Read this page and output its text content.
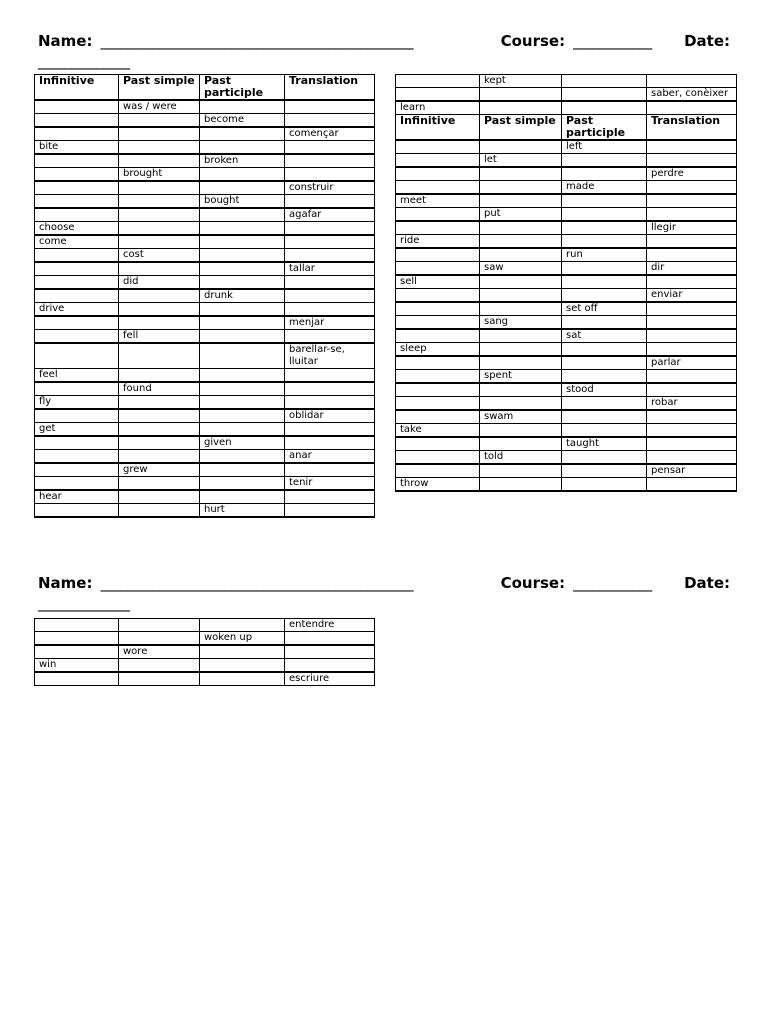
Name: ________________________________________________	Course: ____________	Date:
______________
Infinitive	Past simple	Past participle	Translation
	was / were		
		become	
			començar
bite			
		broken	
	brought		
			construir
		bought	
			agafar
choose			
come			
	cost		
			tallar
	did		
		drunk	
drive			
			menjar
	fell		
			barellar-se, lluitar
feel			
	found		
fly			
			oblidar
get			
		given	
			anar
	grew		
			tenir
hear			
		hurt	
	kept		
			saber, conèixer
learn			
Infinitive	Past simple	Past participle	Translation
		left	
	let		
			perdre
		made	
meet			
	put		
			llegir
ride			
		run	
	saw		dir
sell			
			enviar
		set off	
	sang		
		sat	
sleep			
			parlar
	spent		
		stood	
			robar
	swam		
take			
		taught	
	told		
			pensar
throw			
Name: ________________________________________________	Course: ____________	Date:
______________
			entendre
		woken up	
	wore		
win			
			escriure
